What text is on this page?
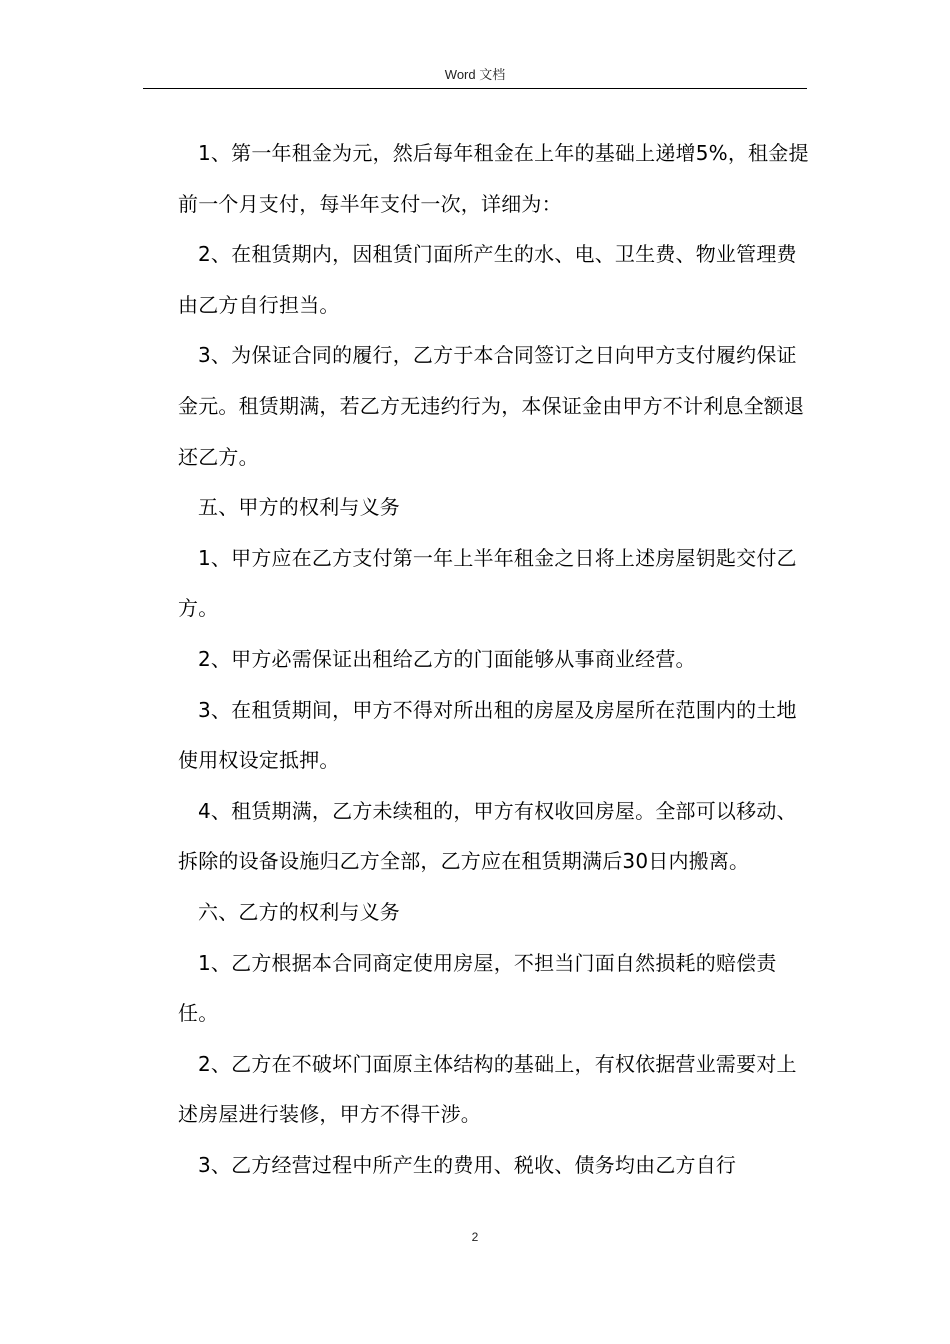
Word 文档

1、第一年租金为元，然后每年租金在上年的基础上递增5%，租金提前一个月支付，每半年支付一次，详细为：

2、在租赁期内，因租赁门面所产生的水、电、卫生费、物业管理费由乙方自行担当。

3、为保证合同的履行，乙方于本合同签订之日向甲方支付履约保证金元。租赁期满，若乙方无违约行为，本保证金由甲方不计利息全额退还乙方。

五、甲方的权利与义务

1、甲方应在乙方支付第一年上半年租金之日将上述房屋钥匙交付乙方。

2、甲方必需保证出租给乙方的门面能够从事商业经营。

3、在租赁期间，甲方不得对所出租的房屋及房屋所在范围内的土地使用权设定抵押。

4、租赁期满，乙方未续租的，甲方有权收回房屋。全部可以移动、拆除的设备设施归乙方全部，乙方应在租赁期满后30日内搬离。

六、乙方的权利与义务

1、乙方根据本合同商定使用房屋，不担当门面自然损耗的赔偿责任。

2、乙方在不破坏门面原主体结构的基础上，有权依据营业需要对上述房屋进行装修，甲方不得干涉。

3、乙方经营过程中所产生的费用、税收、债务均由乙方自行

2
